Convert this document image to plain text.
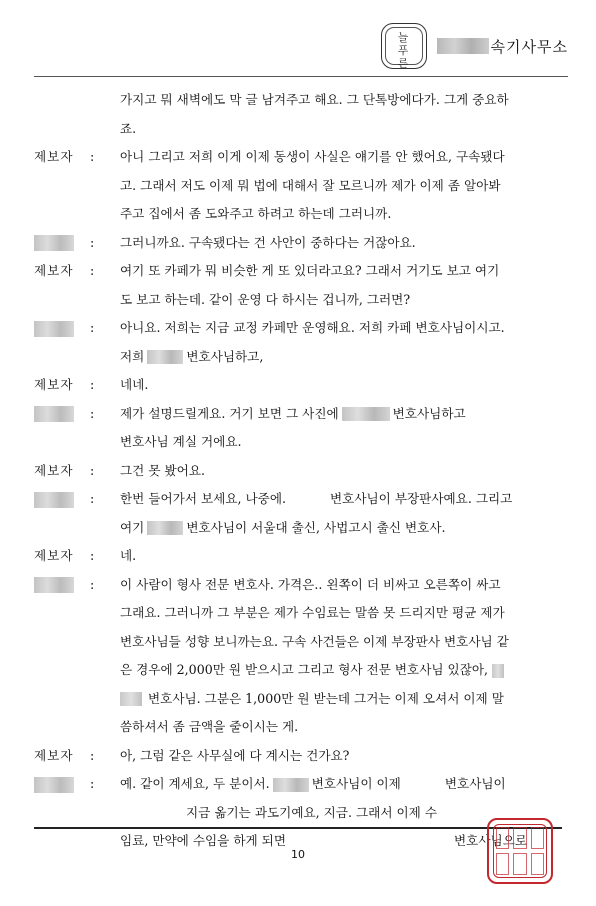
늘
푸
른
속기사무소
가지고 뭐 새벽에도 막 글 남겨주고 해요. 그 단톡방에다가. 그게 중요하
죠.
제보자	:	아니 그리고 저희 이게 이제 동생이 사실은 얘기를 안 했어요, 구속됐다
고. 그래서 저도 이제 뭐 법에 대해서 잘 모르니까 제가 이제 좀 알아봐
주고 집에서 좀 도와주고 하려고 하는데 그러니까.
:	그러니까요. 구속됐다는 건 사안이 중하다는 거잖아요.
제보자	:	여기 또 카페가 뭐 비슷한 게 또 있더라고요? 그래서 거기도 보고 여기
도 보고 하는데. 같이 운영 다 하시는 겁니까, 그러면?
:	아니요. 저희는 지금 교정 카페만 운영해요. 저희 카페 변호사님이시고.
저희	변호사님하고,
제보자	:	네네.
:	제가 설명드릴게요. 거기 보면 그 사진에	변호사님하고
변호사님 계실 거에요.
제보자	:	그건 못 봤어요.
:	한번 들어가서 보세요, 나중에.	변호사님이 부장판사예요. 그리고
여기	변호사님이 서울대 출신, 사법고시 출신 변호사.
제보자	:	네.
:	이 사람이 형사 전문 변호사. 가격은.. 왼쪽이 더 비싸고 오른쪽이 싸고
그래요. 그러니까 그 부분은 제가 수임료는 말씀 못 드리지만 평균 제가
변호사님들 성향 보니까는요. 구속 사건들은 이제 부장판사 변호사님 같
은 경우에 2,000만 원 받으시고 그리고 형사 전문 변호사님 있잖아,
변호사님. 그분은 1,000만 원 받는데 그거는 이제 오셔서 이제 말
씀하셔서 좀 금액을 줄이시는 게.
제보자	:	아, 그럼 같은 사무실에 다 계시는 건가요?
:	예. 같이 계세요, 두 분이서.	변호사님이 이제	변호사님이
지금 옮기는 과도기예요, 지금. 그래서 이제 수
임료, 만약에 수임을 하게 되면	변호사님으로
10
